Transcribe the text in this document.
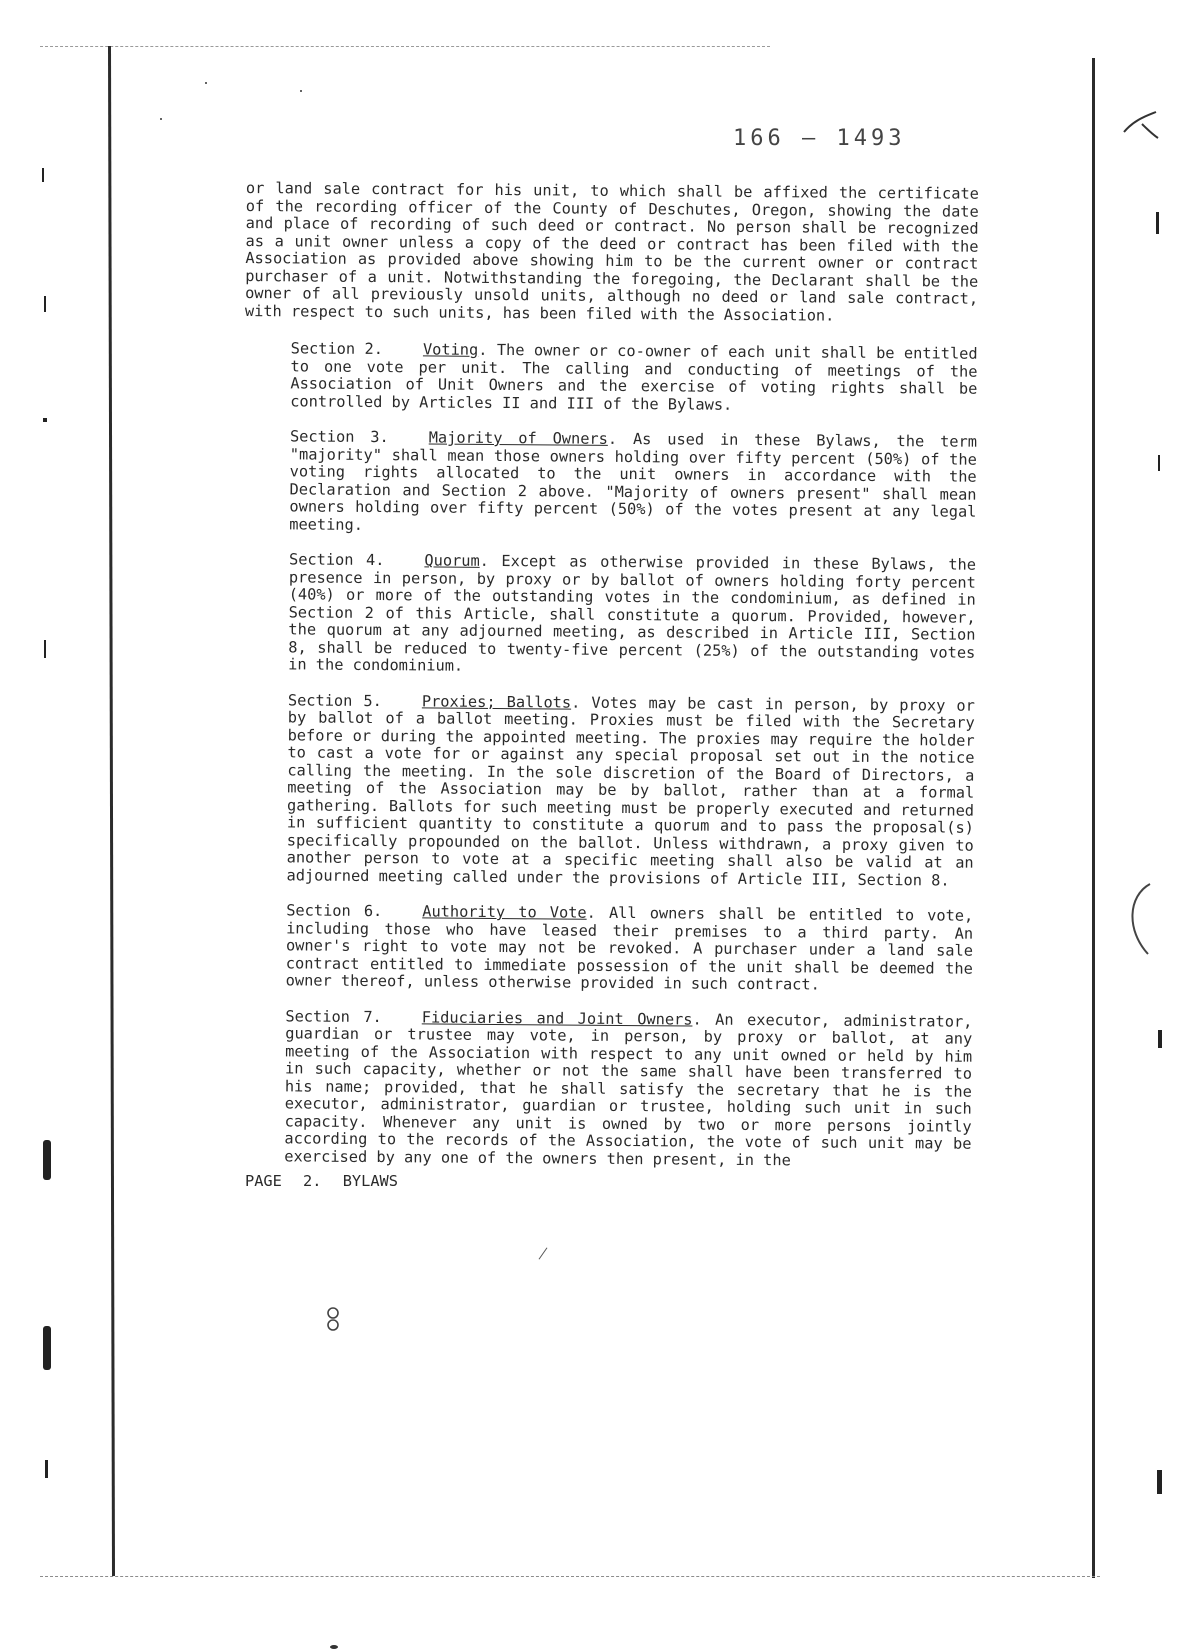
166 — 1493

or land sale contract for his unit, to which shall be affixed the certificate of the recording officer of the County of Deschutes, Oregon, showing the date and place of recording of such deed or contract. No person shall be recognized as a unit owner unless a copy of the deed or contract has been filed with the Association as provided above showing him to be the current owner or contract purchaser of a unit. Notwithstanding the foregoing, the Declarant shall be the owner of all previously unsold units, although no deed or land sale contract, with respect to such units, has been filed with the Association.

Section 2.	Voting. The owner or co-owner of each unit shall be entitled to one vote per unit. The calling and conducting of meetings of the Association of Unit Owners and the exercise of voting rights shall be controlled by Articles II and III of the Bylaws.

Section 3.	Majority of Owners. As used in these Bylaws, the term "majority" shall mean those owners holding over fifty percent (50%) of the voting rights allocated to the unit owners in accordance with the Declaration and Section 2 above. "Majority of owners present" shall mean owners holding over fifty percent (50%) of the votes present at any legal meeting.

Section 4.	Quorum. Except as otherwise provided in these Bylaws, the presence in person, by proxy or by ballot of owners holding forty percent (40%) or more of the outstanding votes in the condominium, as defined in Section 2 of this Article, shall constitute a quorum. Provided, however, the quorum at any adjourned meeting, as described in Article III, Section 8, shall be reduced to twenty-five percent (25%) of the outstanding votes in the condominium.

Section 5.	Proxies; Ballots. Votes may be cast in person, by proxy or by ballot of a ballot meeting. Proxies must be filed with the Secretary before or during the appointed meeting. The proxies may require the holder to cast a vote for or against any special proposal set out in the notice calling the meeting. In the sole discretion of the Board of Directors, a meeting of the Association may be by ballot, rather than at a formal gathering. Ballots for such meeting must be properly executed and returned in sufficient quantity to constitute a quorum and to pass the proposal(s) specifically propounded on the ballot. Unless withdrawn, a proxy given to another person to vote at a specific meeting shall also be valid at an adjourned meeting called under the provisions of Article III, Section 8.

Section 6.	Authority to Vote. All owners shall be entitled to vote, including those who have leased their premises to a third party. An owner's right to vote may not be revoked. A purchaser under a land sale contract entitled to immediate possession of the unit shall be deemed the owner thereof, unless otherwise provided in such contract.

Section 7.	Fiduciaries and Joint Owners. An executor, administrator, guardian or trustee may vote, in person, by proxy or ballot, at any meeting of the Association with respect to any unit owned or held by him in such capacity, whether or not the same shall have been transferred to his name; provided, that he shall satisfy the secretary that he is the executor, administrator, guardian or trustee, holding such unit in such capacity. Whenever any unit is owned by two or more persons jointly according to the records of the Association, the vote of such unit may be exercised by any one of the owners then present, in the

PAGE 2. BYLAWS
